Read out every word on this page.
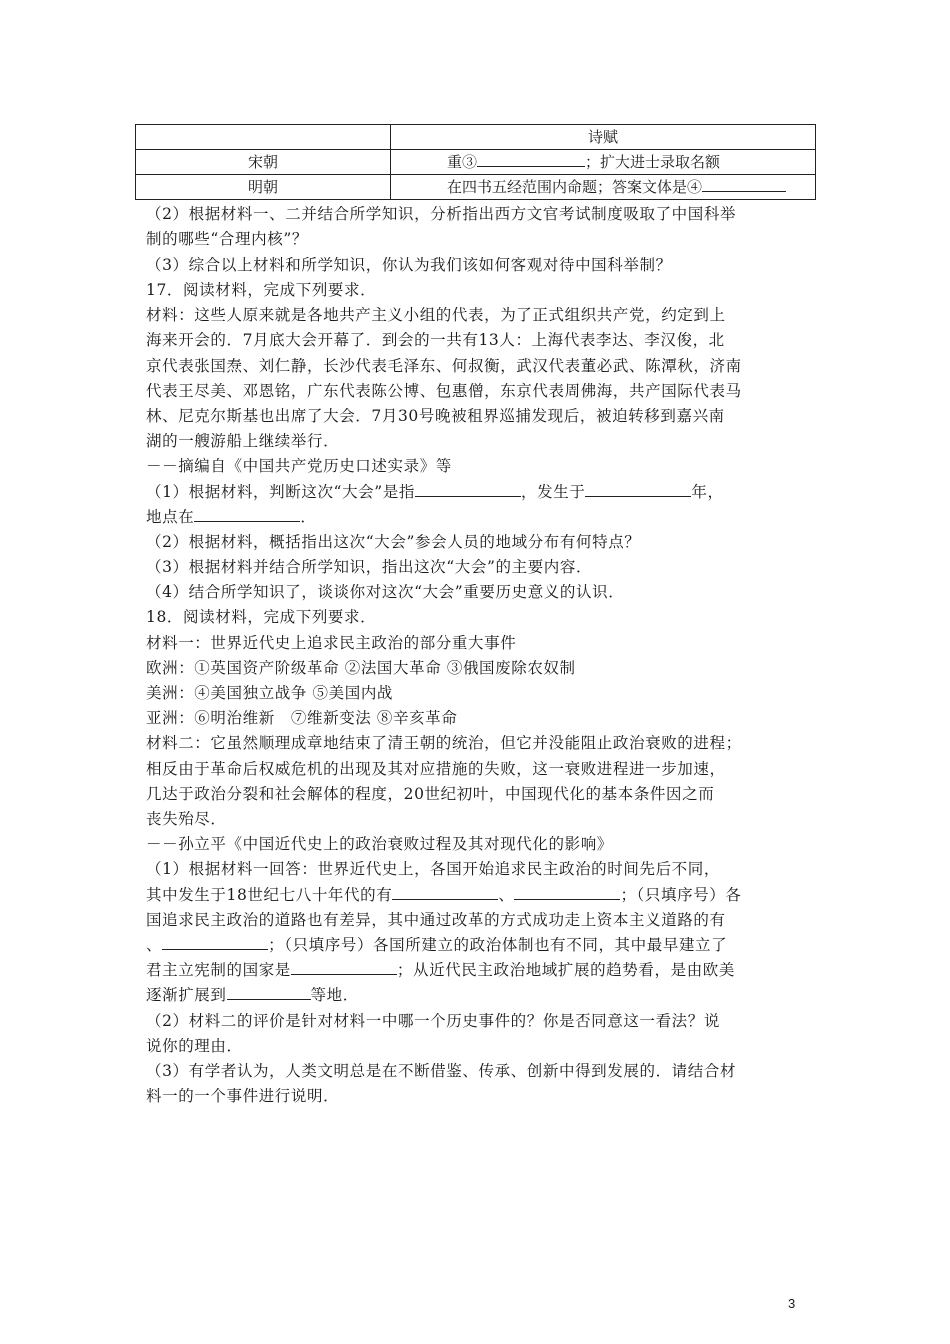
	诗赋
宋朝	重③ ；扩大进士录取名额
明朝	在四书五经范围内命题；答案文体是④
（2）根据材料一、二并结合所学知识，分析指出西方文官考试制度吸取了中国科举
制的哪些“合理内核”？
（3）综合以上材料和所学知识，你认为我们该如何客观对待中国科举制？
17．阅读材料，完成下列要求．
材料：这些人原来就是各地共产主义小组的代表，为了正式组织共产党，约定到上
海来开会的．7月底大会开幕了．到会的一共有13人：上海代表李达、李汉俊，北
京代表张国焘、刘仁静，长沙代表毛泽东、何叔衡，武汉代表董必武、陈潭秋，济南
代表王尽美、邓恩铭，广东代表陈公博、包惠僧，东京代表周佛海，共产国际代表马
林、尼克尔斯基也出席了大会．7月30号晚被租界巡捕发现后，被迫转移到嘉兴南
湖的一艘游船上继续举行．
－－摘编自《中国共产党历史口述实录》等
（1）根据材料，判断这次“大会”是指	，发生于	年，
地点在	．
（2）根据材料，概括指出这次“大会”参会人员的地域分布有何特点？
（3）根据材料并结合所学知识，指出这次“大会”的主要内容．
（4）结合所学知识了，谈谈你对这次“大会”重要历史意义的认识．
18．阅读材料，完成下列要求．
材料一：世界近代史上追求民主政治的部分重大事件
欧洲：①英国资产阶级革命 ②法国大革命 ③俄国废除农奴制
美洲：④美国独立战争 ⑤美国内战
亚洲：⑥明治维新　⑦维新变法 ⑧辛亥革命
材料二：它虽然顺理成章地结束了清王朝的统治，但它并没能阻止政治衰败的进程；
相反由于革命后权威危机的出现及其对应措施的失败，这一衰败进程进一步加速，
几达于政治分裂和社会解体的程度，20世纪初叶，中国现代化的基本条件因之而
丧失殆尽．
－－孙立平《中国近代史上的政治衰败过程及其对现代化的影响》
（1）根据材料一回答：世界近代史上，各国开始追求民主政治的时间先后不同，
其中发生于18世纪七八十年代的有	、	；（只填序号）各
国追求民主政治的道路也有差异，其中通过改革的方式成功走上资本主义道路的有
、	；（只填序号）各国所建立的政治体制也有不同，其中最早建立了
君主立宪制的国家是	；从近代民主政治地域扩展的趋势看，是由欧美
逐渐扩展到	等地．
（2）材料二的评价是针对材料一中哪一个历史事件的？你是否同意这一看法？说
说你的理由．
（3）有学者认为，人类文明总是在不断借鉴、传承、创新中得到发展的．请结合材
料一的一个事件进行说明．
3
